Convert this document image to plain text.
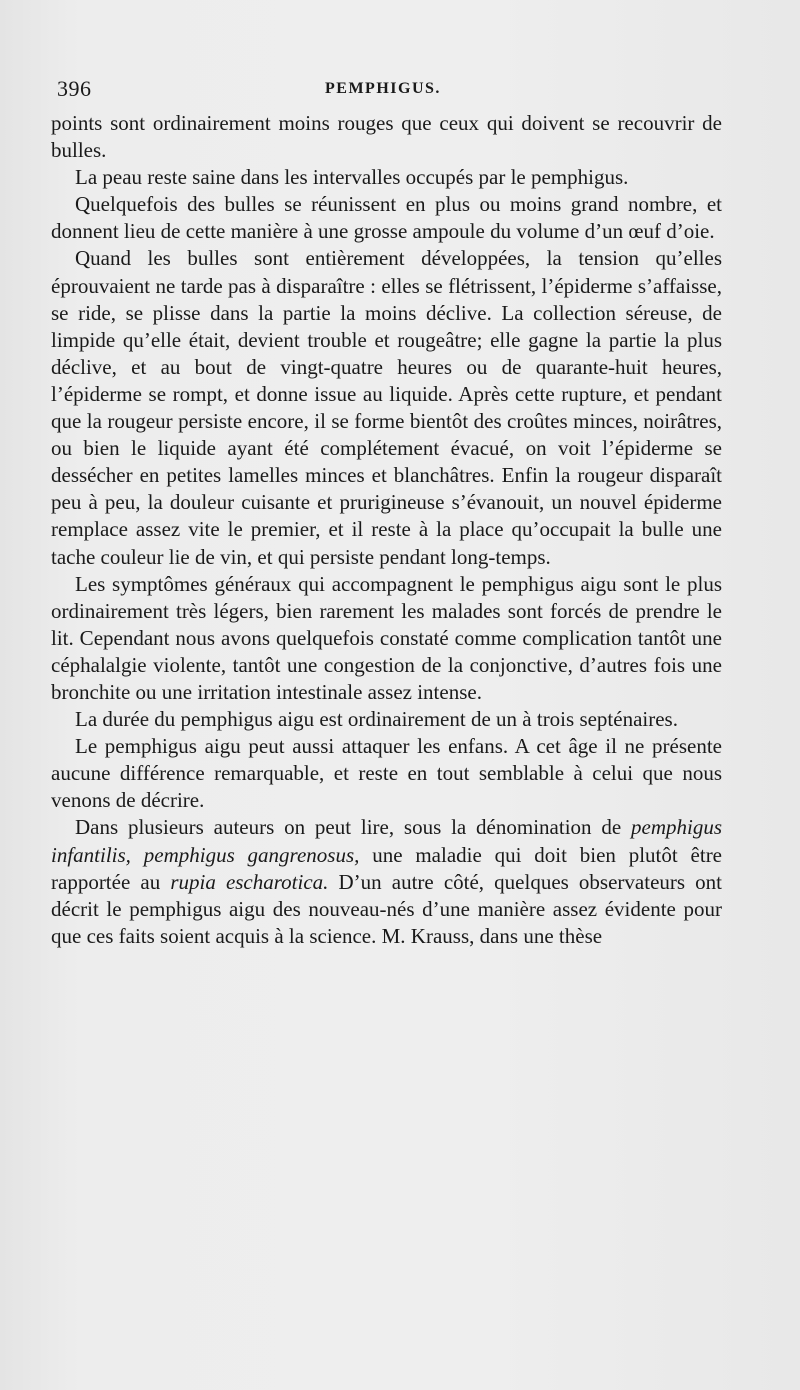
396	PEMPHIGUS.

points sont ordinairement moins rouges que ceux qui doivent se recouvrir de bulles.

La peau reste saine dans les intervalles occupés par le pemphigus.

Quelquefois des bulles se réunissent en plus ou moins grand nombre, et donnent lieu de cette manière à une grosse ampoule du volume d’un œuf d’oie.

Quand les bulles sont entièrement développées, la tension qu’elles éprouvaient ne tarde pas à disparaître : elles se flétrissent, l’épiderme s’affaisse, se ride, se plisse dans la partie la moins déclive. La collection séreuse, de limpide qu’elle était, devient trouble et rougeâtre; elle gagne la partie la plus déclive, et au bout de vingt-quatre heures ou de quarante-huit heures, l’épiderme se rompt, et donne issue au liquide. Après cette rupture, et pendant que la rougeur persiste encore, il se forme bientôt des croûtes minces, noirâtres, ou bien le liquide ayant été complétement évacué, on voit l’épiderme se dessécher en petites lamelles minces et blanchâtres. Enfin la rougeur disparaît peu à peu, la douleur cuisante et prurigineuse s’évanouit, un nouvel épiderme remplace assez vite le premier, et il reste à la place qu’occupait la bulle une tache couleur lie de vin, et qui persiste pendant long-temps.

Les symptômes généraux qui accompagnent le pemphigus aigu sont le plus ordinairement très légers, bien rarement les malades sont forcés de prendre le lit. Cependant nous avons quelquefois constaté comme complication tantôt une céphalalgie violente, tantôt une congestion de la conjonctive, d’autres fois une bronchite ou une irritation intestinale assez intense.

La durée du pemphigus aigu est ordinairement de un à trois septénaires.

Le pemphigus aigu peut aussi attaquer les enfans. A cet âge il ne présente aucune différence remarquable, et reste en tout semblable à celui que nous venons de décrire.

Dans plusieurs auteurs on peut lire, sous la dénomination de pemphigus infantilis, pemphigus gangrenosus, une maladie qui doit bien plutôt être rapportée au rupia escharotica. D’un autre côté, quelques observateurs ont décrit le pemphigus aigu des nouveau-nés d’une manière assez évidente pour que ces faits soient acquis à la science. M. Krauss, dans une thèse
